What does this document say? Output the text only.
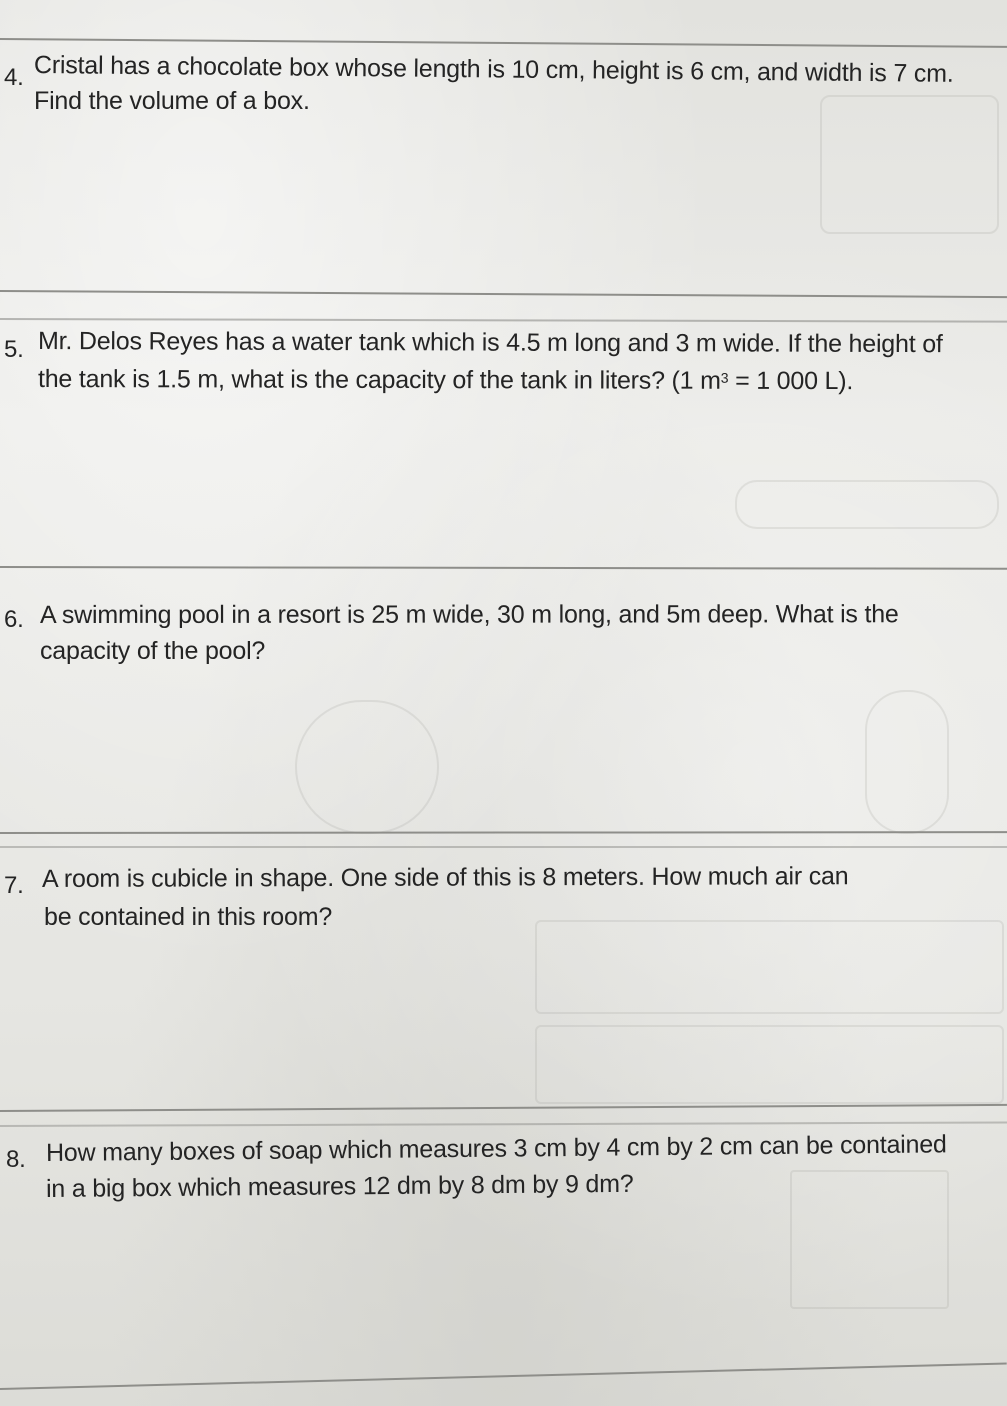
4. Cristal has a chocolate box whose length is 10 cm, height is 6 cm, and width is 7 cm.
Find the volume of a box.
5. Mr. Delos Reyes has a water tank which is 4.5 m long and 3 m wide. If the height of
the tank is 1.5 m, what is the capacity of the tank in liters? (1 $m^3 = 1$ 000 L).
6. A swimming pool in a resort is 25 m wide, 30 m long, and 5m deep. What is the
capacity of the pool?
7. A room is cubicle in shape. One side of this is 8 meters. How much air can
be contained in this room?
8. How many boxes of soap which measures 3 cm by 4 cm by 2 cm can be contained
in a big box which measures 12 dm by 8 dm by 9 dm?
